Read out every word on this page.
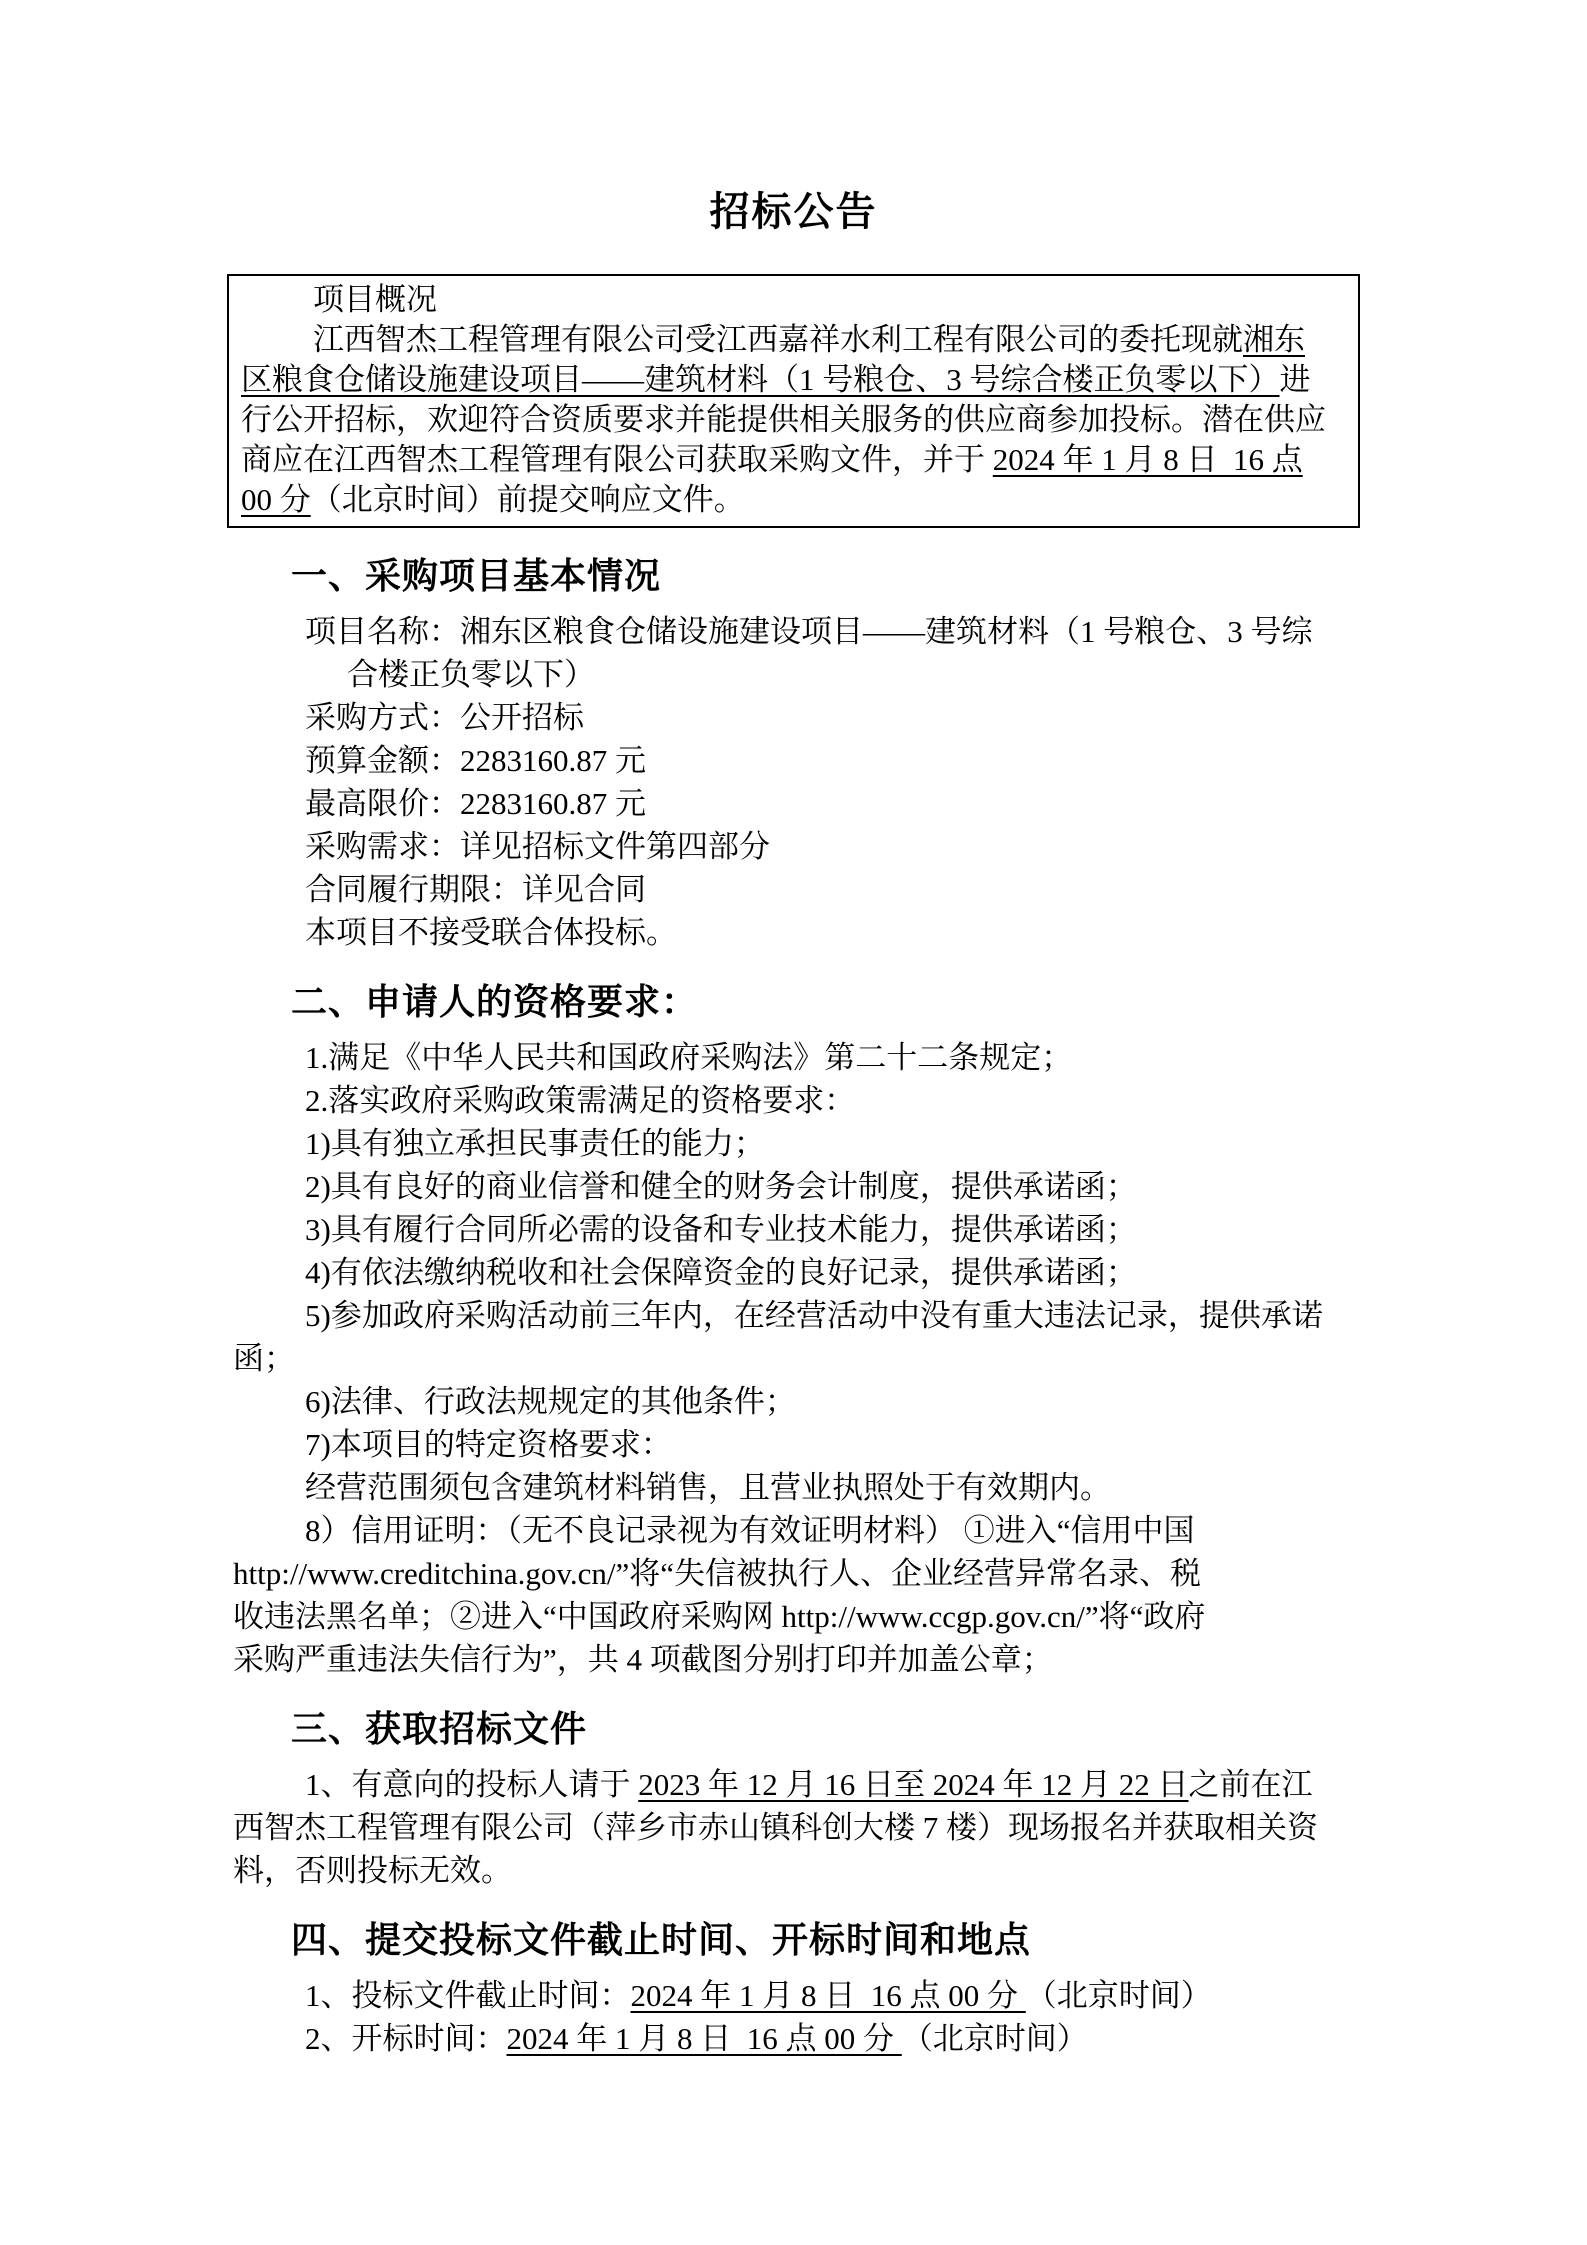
招标公告
项目概况
江西智杰工程管理有限公司受江西嘉祥水利工程有限公司的委托现就湘东
区粮食仓储设施建设项目——建筑材料（1 号粮仓、3 号综合楼正负零以下）进
行公开招标，欢迎符合资质要求并能提供相关服务的供应商参加投标。潜在供应
商应在江西智杰工程管理有限公司获取采购文件，并于 2024 年 1 月 8 日  16 点
00 分（北京时间）前提交响应文件。
一、采购项目基本情况
项目名称：湘东区粮食仓储设施建设项目——建筑材料（1 号粮仓、3 号综
合楼正负零以下）
采购方式：公开招标
预算金额：2283160.87 元
最高限价：2283160.87 元
采购需求：详见招标文件第四部分
合同履行期限：详见合同
本项目不接受联合体投标。
二、申请人的资格要求：
1.满足《中华人民共和国政府采购法》第二十二条规定；
2.落实政府采购政策需满足的资格要求：
1)具有独立承担民事责任的能力；
2)具有良好的商业信誉和健全的财务会计制度，提供承诺函；
3)具有履行合同所必需的设备和专业技术能力，提供承诺函；
4)有依法缴纳税收和社会保障资金的良好记录，提供承诺函；
5)参加政府采购活动前三年内，在经营活动中没有重大违法记录，提供承诺
函；
6)法律、行政法规规定的其他条件；
7)本项目的特定资格要求：
经营范围须包含建筑材料销售，且营业执照处于有效期内。
8）信用证明：（无不良记录视为有效证明材料） ①进入“信用中国
http://www.creditchina.gov.cn/”将“失信被执行人、企业经营异常名录、税
收违法黑名单；②进入“中国政府采购网 http://www.ccgp.gov.cn/”将“政府
采购严重违法失信行为”，共 4 项截图分别打印并加盖公章；
三、获取招标文件
1、有意向的投标人请于 2023 年 12 月 16 日至 2024 年 12 月 22 日之前在江
西智杰工程管理有限公司（萍乡市赤山镇科创大楼 7 楼）现场报名并获取相关资
料，否则投标无效。
四、提交投标文件截止时间、开标时间和地点
1、投标文件截止时间：2024 年 1 月 8 日  16 点 00 分 （北京时间）
2、开标时间：2024 年 1 月 8 日  16 点 00 分 （北京时间）
